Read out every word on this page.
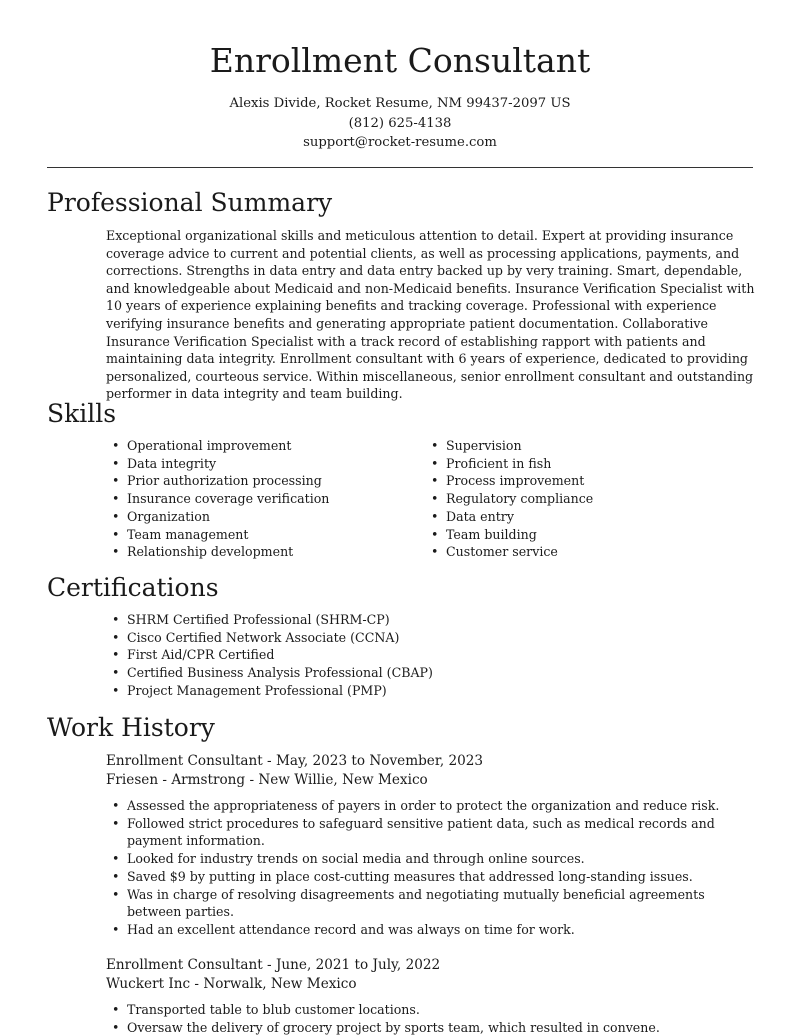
Enrollment Consultant
Alexis Divide, Rocket Resume, NM 99437-2097 US
(812) 625-4138
support@rocket-resume.com
Professional Summary

Exceptional organizational skills and meticulous attention to detail. Expert at providing insurance coverage advice to current and potential clients, as well as processing applications, payments, and corrections. Strengths in data entry and data entry backed up by very training. Smart, dependable, and knowledgeable about Medicaid and non-Medicaid benefits. Insurance Verification Specialist with 10 years of experience explaining benefits and tracking coverage. Professional with experience verifying insurance benefits and generating appropriate patient documentation. Collaborative Insurance Verification Specialist with a track record of establishing rapport with patients and maintaining data integrity. Enrollment consultant with 6 years of experience, dedicated to providing personalized, courteous service. Within miscellaneous, senior enrollment consultant and outstanding performer in data integrity and team building.

Skills
• Operational improvement
• Data integrity
• Prior authorization processing
• Insurance coverage verification
• Organization
• Team management
• Relationship development
• Supervision
• Proficient in fish
• Process improvement
• Regulatory compliance
• Data entry
• Team building
• Customer service
Certifications
• SHRM Certified Professional (SHRM-CP)
• Cisco Certified Network Associate (CCNA)
• First Aid/CPR Certified
• Certified Business Analysis Professional (CBAP)
• Project Management Professional (PMP)
Work History
Enrollment Consultant - May, 2023 to November, 2023
Friesen - Armstrong - New Willie, New Mexico
• Assessed the appropriateness of payers in order to protect the organization and reduce risk.
• Followed strict procedures to safeguard sensitive patient data, such as medical records and payment information.
• Looked for industry trends on social media and through online sources.
• Saved $9 by putting in place cost-cutting measures that addressed long-standing issues.
• Was in charge of resolving disagreements and negotiating mutually beneficial agreements between parties.
• Had an excellent attendance record and was always on time for work.
Enrollment Consultant - June, 2021 to July, 2022
Wuckert Inc - Norwalk, New Mexico
• Transported table to blub customer locations.
• Oversaw the delivery of grocery project by sports team, which resulted in convene.
